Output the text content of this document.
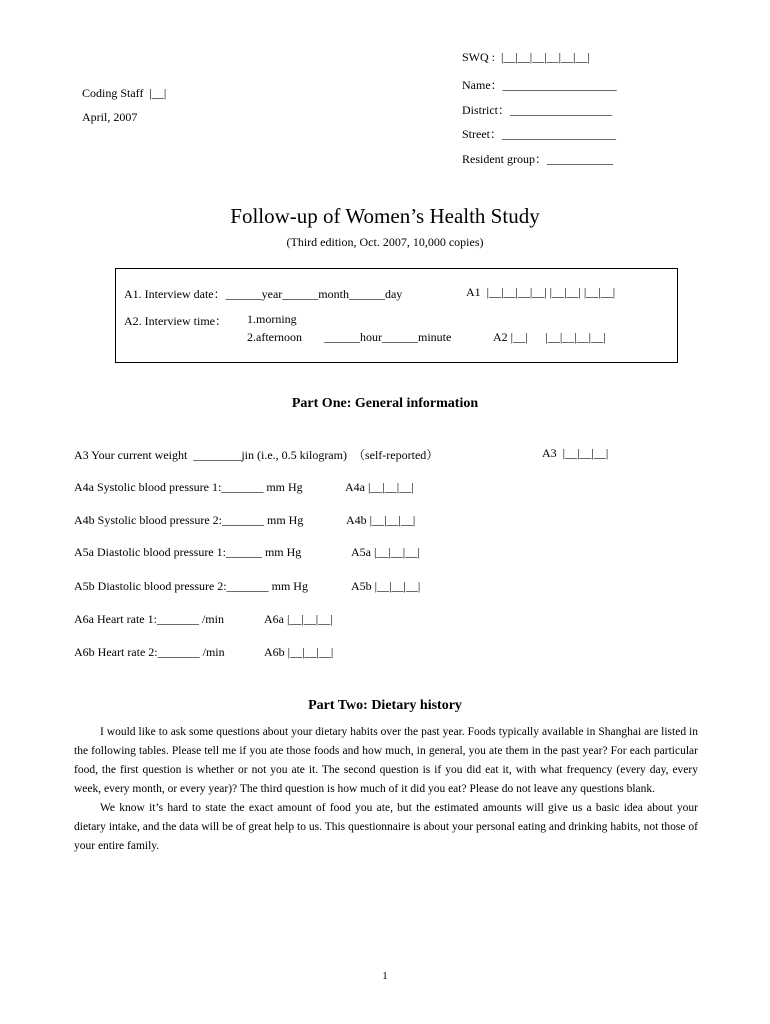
Coding Staff  |__|
April, 2007
SWQ :  |__|__|__|__|__|__|
Name：___________________
District：_________________
Street：___________________
Resident group：___________
Follow-up of Women’s Health Study
(Third edition, Oct. 2007, 10,000 copies)
A1. Interview date：______year______month______day	A1  |__|__|__|__| |__|__| |__|__|
A2. Interview time： 1.morning
2.afternoon ______hour______minute	A2 |__|      |__|__|__|__|
Part One: General information
A3 Your current weight  ________jin (i.e., 0.5 kilogram)  （self-reported）	A3  |__|__|__|
A4a Systolic blood pressure 1:_______ mm Hg	A4a |__|__|__|
A4b Systolic blood pressure 2:_______ mm Hg	A4b |__|__|__|
A5a Diastolic blood pressure 1:______ mm Hg	A5a |__|__|__|
A5b Diastolic blood pressure 2:_______ mm Hg	A5b |__|__|__|
A6a Heart rate 1:_______ /min	A6a |__|__|__|
A6b Heart rate 2:_______ /min	A6b |__|__|__|
Part Two: Dietary history

I would like to ask some questions about your dietary habits over the past year. Foods typically available in Shanghai are listed in the following tables. Please tell me if you ate those foods and how much, in general, you ate them in the past year? For each particular food, the first question is whether or not you ate it. The second question is if you did eat it, with what frequency (every day, every week, every month, or every year)? The third question is how much of it did you eat? Please do not leave any questions blank.

We know it’s hard to state the exact amount of food you ate, but the estimated amounts will give us a basic idea about your dietary intake, and the data will be of great help to us. This questionnaire is about your personal eating and drinking habits, not those of your entire family.

1
